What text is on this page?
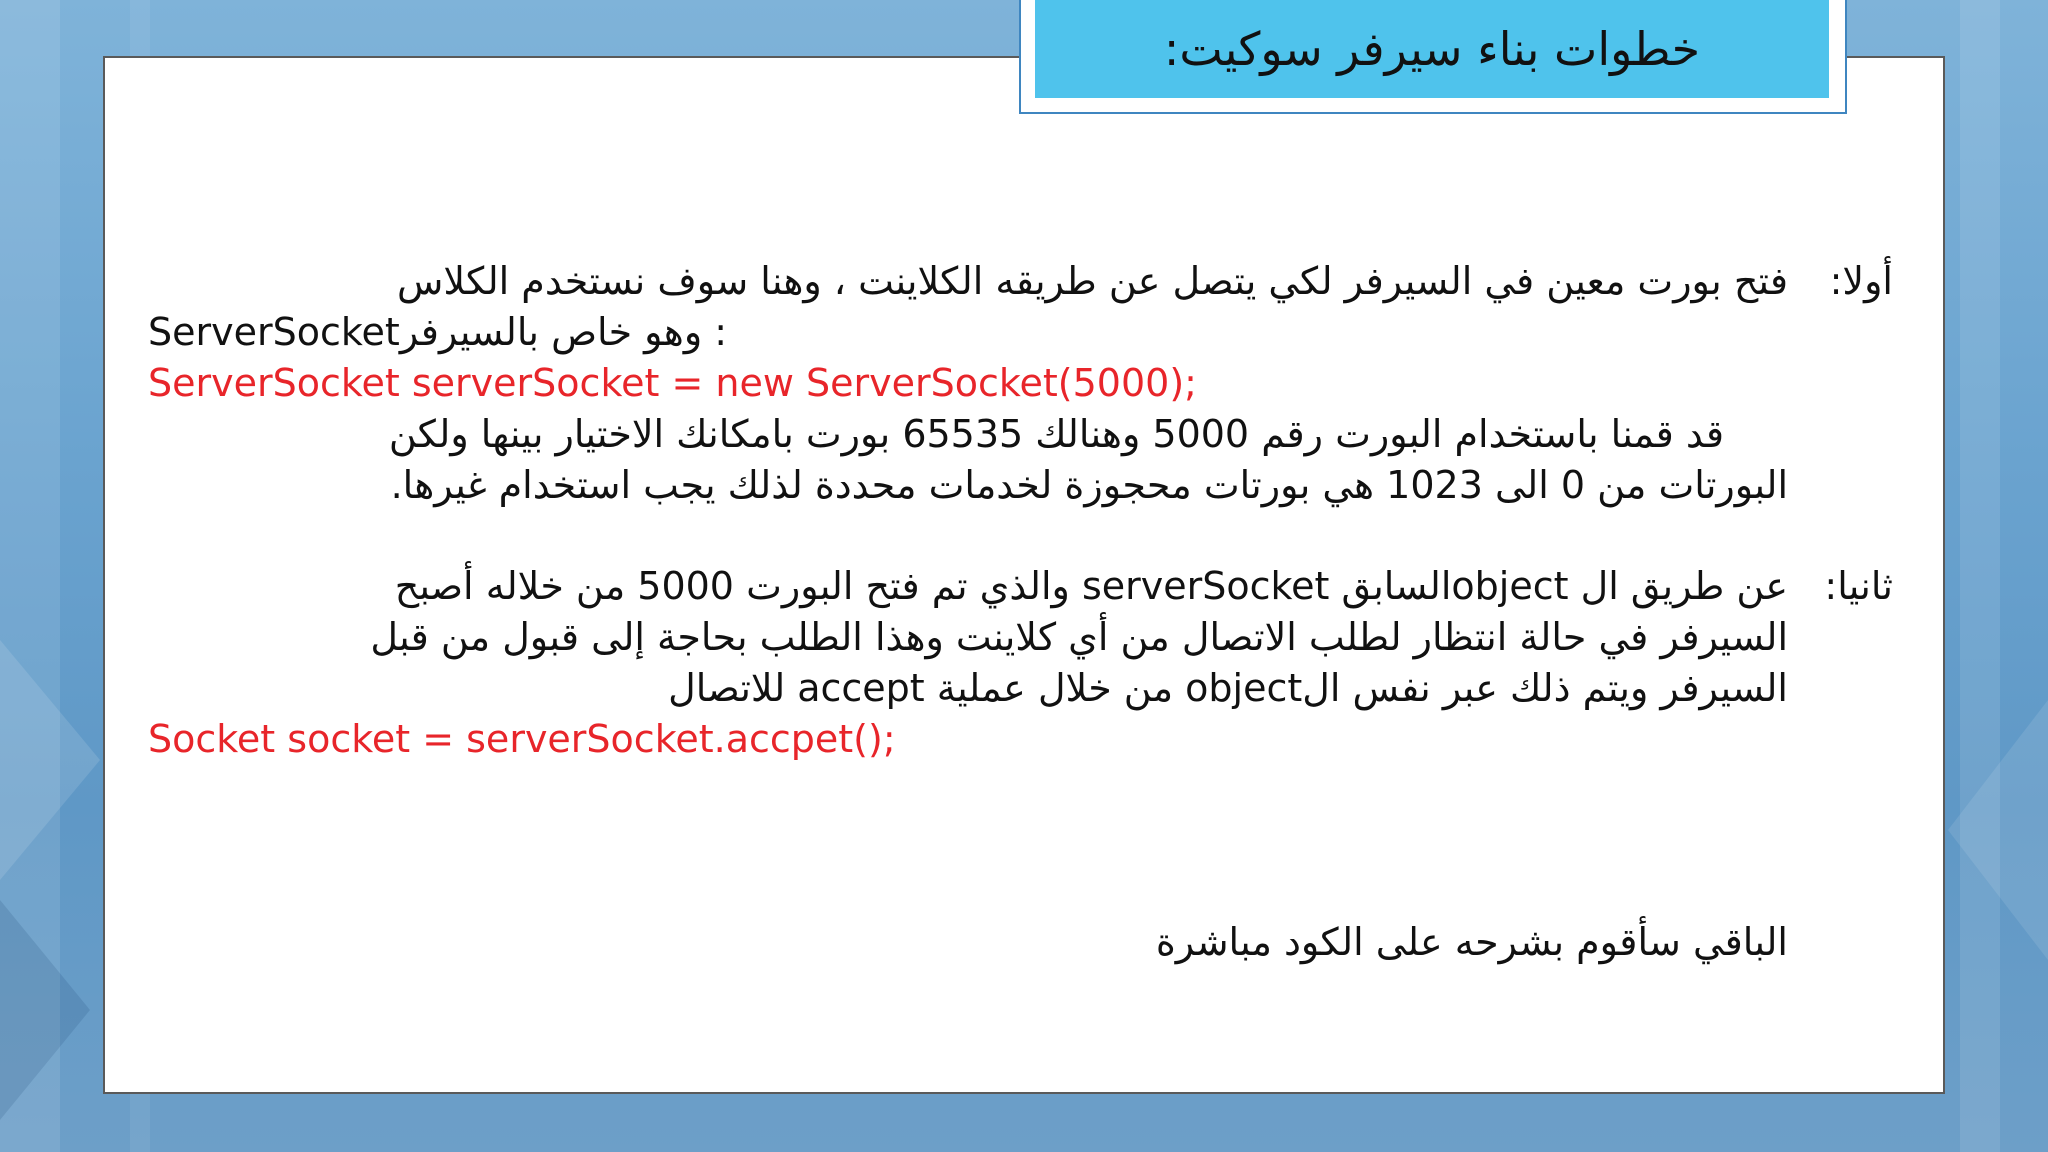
أولا:
فتح بورت معين في السيرفر لكي يتصل عن طريقه الكلاينت ، وهنا سوف نستخدم الكلاس
ServerSocketوهو خاص بالسيرفر :
ServerSocket serverSocket = new ServerSocket(5000);
قد قمنا باستخدام البورت رقم 5000 وهنالك 65535 بورت بامكانك الاختيار بينها ولكن
البورتات من 0 الى 1023 هي بورتات محجوزة لخدمات محددة لذلك يجب استخدام غيرها.
ثانيا:
عن طريق ال objectالسابق serverSocket والذي تم فتح البورت 5000 من خلاله أصبح
السيرفر في حالة انتظار لطلب الاتصال من أي كلاينت وهذا الطلب بحاجة إلى قبول من قبل
السيرفر ويتم ذلك عبر نفس الobject من خلال عملية accept للاتصال
Socket socket = serverSocket.accpet();
الباقي سأقوم بشرحه على الكود مباشرة
خطوات بناء سيرفر سوكيت:
